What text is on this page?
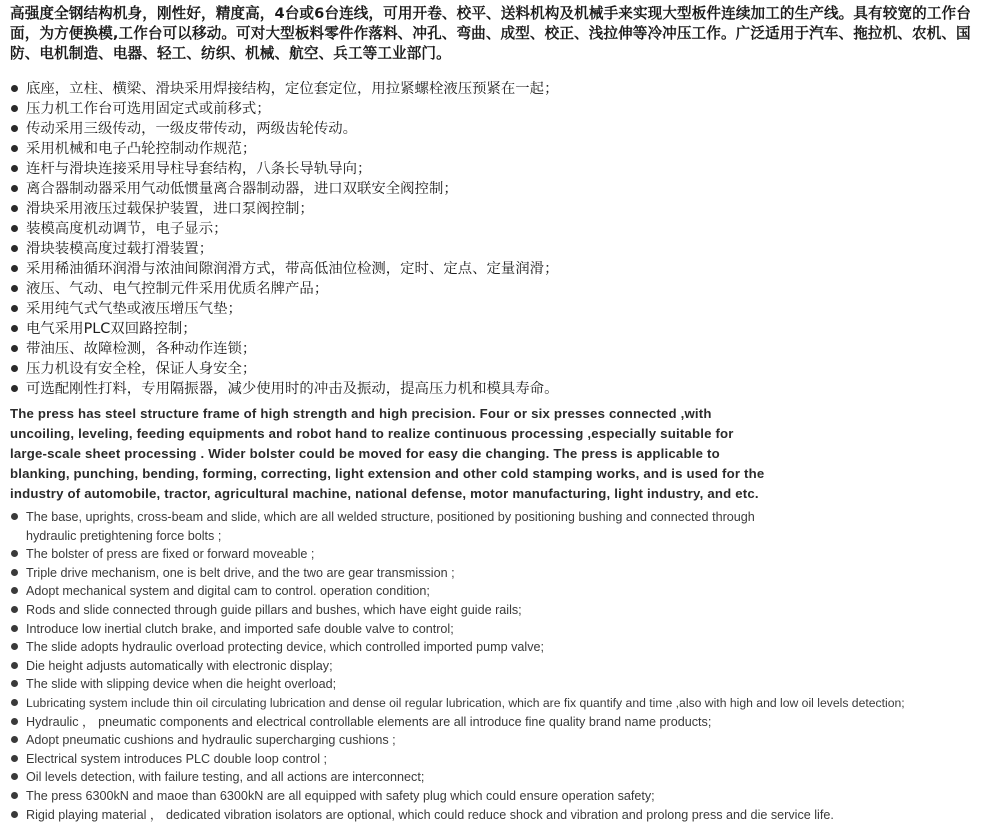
高强度全钢结构机身，刚性好，精度高，4台或6台连线，可用开卷、校平、送料机构及机械手来实现大型板件连续加工的生产线。具有较宽的工作台面，为方便换模,工作台可以移动。可对大型板料零件作落料、冲孔、弯曲、成型、校正、浅拉伸等冷冲压工作。广泛适用于汽车、拖拉机、农机、国防、电机制造、电器、轻工、纺织、机械、航空、兵工等工业部门。
底座，立柱、横梁、滑块采用焊接结构，定位套定位，用拉紧螺栓液压预紧在一起；
压力机工作台可选用固定式或前移式；
传动采用三级传动，一级皮带传动，两级齿轮传动。
采用机械和电子凸轮控制动作规范；
连杆与滑块连接采用导柱导套结构，八条长导轨导向；
离合器制动器采用气动低惯量离合器制动器，进口双联安全阀控制；
滑块采用液压过载保护装置，进口泵阀控制；
装模高度机动调节，电子显示；
滑块装模高度过载打滑装置；
采用稀油循环润滑与浓油间隙润滑方式，带高低油位检测，定时、定点、定量润滑；
液压、气动、电气控制元件采用优质名牌产品；
采用纯气式气垫或液压增压气垫；
电气采用PLC双回路控制；
带油压、故障检测，各种动作连锁；
压力机设有安全栓，保证人身安全；
可选配刚性打料，专用隔振器，减少使用时的冲击及振动，提高压力机和模具寿命。
The press has steel structure frame of high strength and high precision. Four or six presses connected ,with uncoiling, leveling, feeding equipments and robot hand to realize continuous processing ,especially suitable for large-scale sheet processing . Wider bolster could be moved for easy die changing. The press is applicable to blanking, punching, bending, forming, correcting, light extension and other cold stamping works, and is used for the industry of automobile, tractor, agricultural machine, national defense, motor manufacturing, light industry, and etc.
The base, uprights, cross-beam and slide, which are all welded structure, positioned by positioning bushing and connected through hydraulic pretightening force bolts ;
The bolster of press are fixed or forward moveable ;
Triple drive mechanism, one is belt drive, and the two are gear transmission ;
Adopt mechanical system and digital cam to control. operation condition;
Rods and slide connected through guide pillars and bushes, which have eight guide rails;
Introduce low inertial clutch brake, and imported safe double valve to control;
The slide adopts hydraulic overload protecting device, which controlled imported pump valve;
Die height adjusts automatically with electronic display;
The slide with slipping device when die height overload;
Lubricating system include thin oil circulating lubrication and dense oil regular lubrication, which are fix quantify and time ,also with high and low oil levels detection;
Hydraulic ， pneumatic components and electrical controllable elements are all introduce fine quality brand name products;
Adopt pneumatic cushions and hydraulic supercharging cushions ;
Electrical system introduces PLC double loop control ;
Oil levels detection, with failure testing, and all actions are interconnect;
The press 6300kN and maoe than 6300kN are all equipped with safety plug which could ensure operation safety;
Rigid playing material ， dedicated vibration isolators are optional, which could reduce shock and vibration and prolong press and die service life.
